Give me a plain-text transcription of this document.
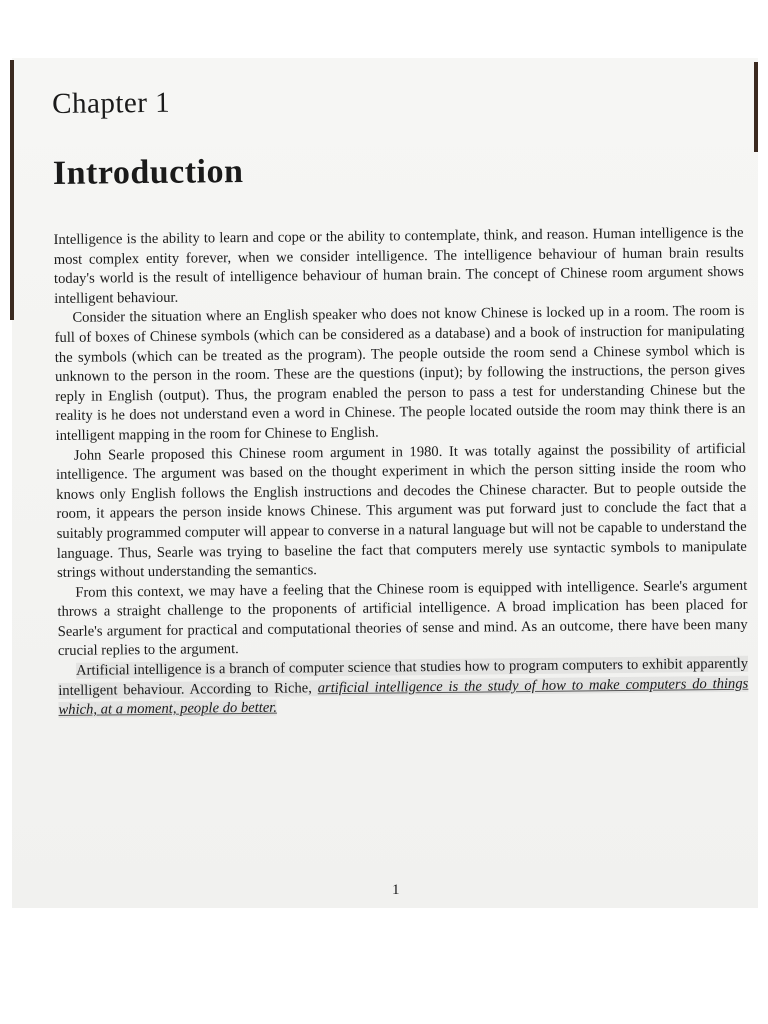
Chapter 1
Introduction

Intelligence is the ability to learn and cope or the ability to contemplate, think, and reason. Human intelligence is the most complex entity forever, when we consider intelligence. The intelligence behaviour of human brain results today's world is the result of intelligence behaviour of human brain. The concept of Chinese room argument shows intelligent behaviour.

Consider the situation where an English speaker who does not know Chinese is locked up in a room. The room is full of boxes of Chinese symbols (which can be considered as a database) and a book of instruction for manipulating the symbols (which can be treated as the program). The people outside the room send a Chinese symbol which is unknown to the person in the room. These are the questions (input); by following the instructions, the person gives reply in English (output). Thus, the program enabled the person to pass a test for understanding Chinese but the reality is he does not understand even a word in Chinese. The people located outside the room may think there is an intelligent mapping in the room for Chinese to English.

John Searle proposed this Chinese room argument in 1980. It was totally against the possibility of artificial intelligence. The argument was based on the thought experiment in which the person sitting inside the room who knows only English follows the English instructions and decodes the Chinese character. But to people outside the room, it appears the person inside knows Chinese. This argument was put forward just to conclude the fact that a suitably programmed computer will appear to converse in a natural language but will not be capable to understand the language. Thus, Searle was trying to baseline the fact that computers merely use syntactic symbols to manipulate strings without understanding the semantics.

From this context, we may have a feeling that the Chinese room is equipped with intelligence. Searle's argument throws a straight challenge to the proponents of artificial intelligence. A broad implication has been placed for Searle's argument for practical and computational theories of sense and mind. As an outcome, there have been many crucial replies to the argument.

Artificial intelligence is a branch of computer science that studies how to program computers to exhibit apparently intelligent behaviour. According to Riche, artificial intelligence is the study of how to make computers do things which, at a moment, people do better.

1
